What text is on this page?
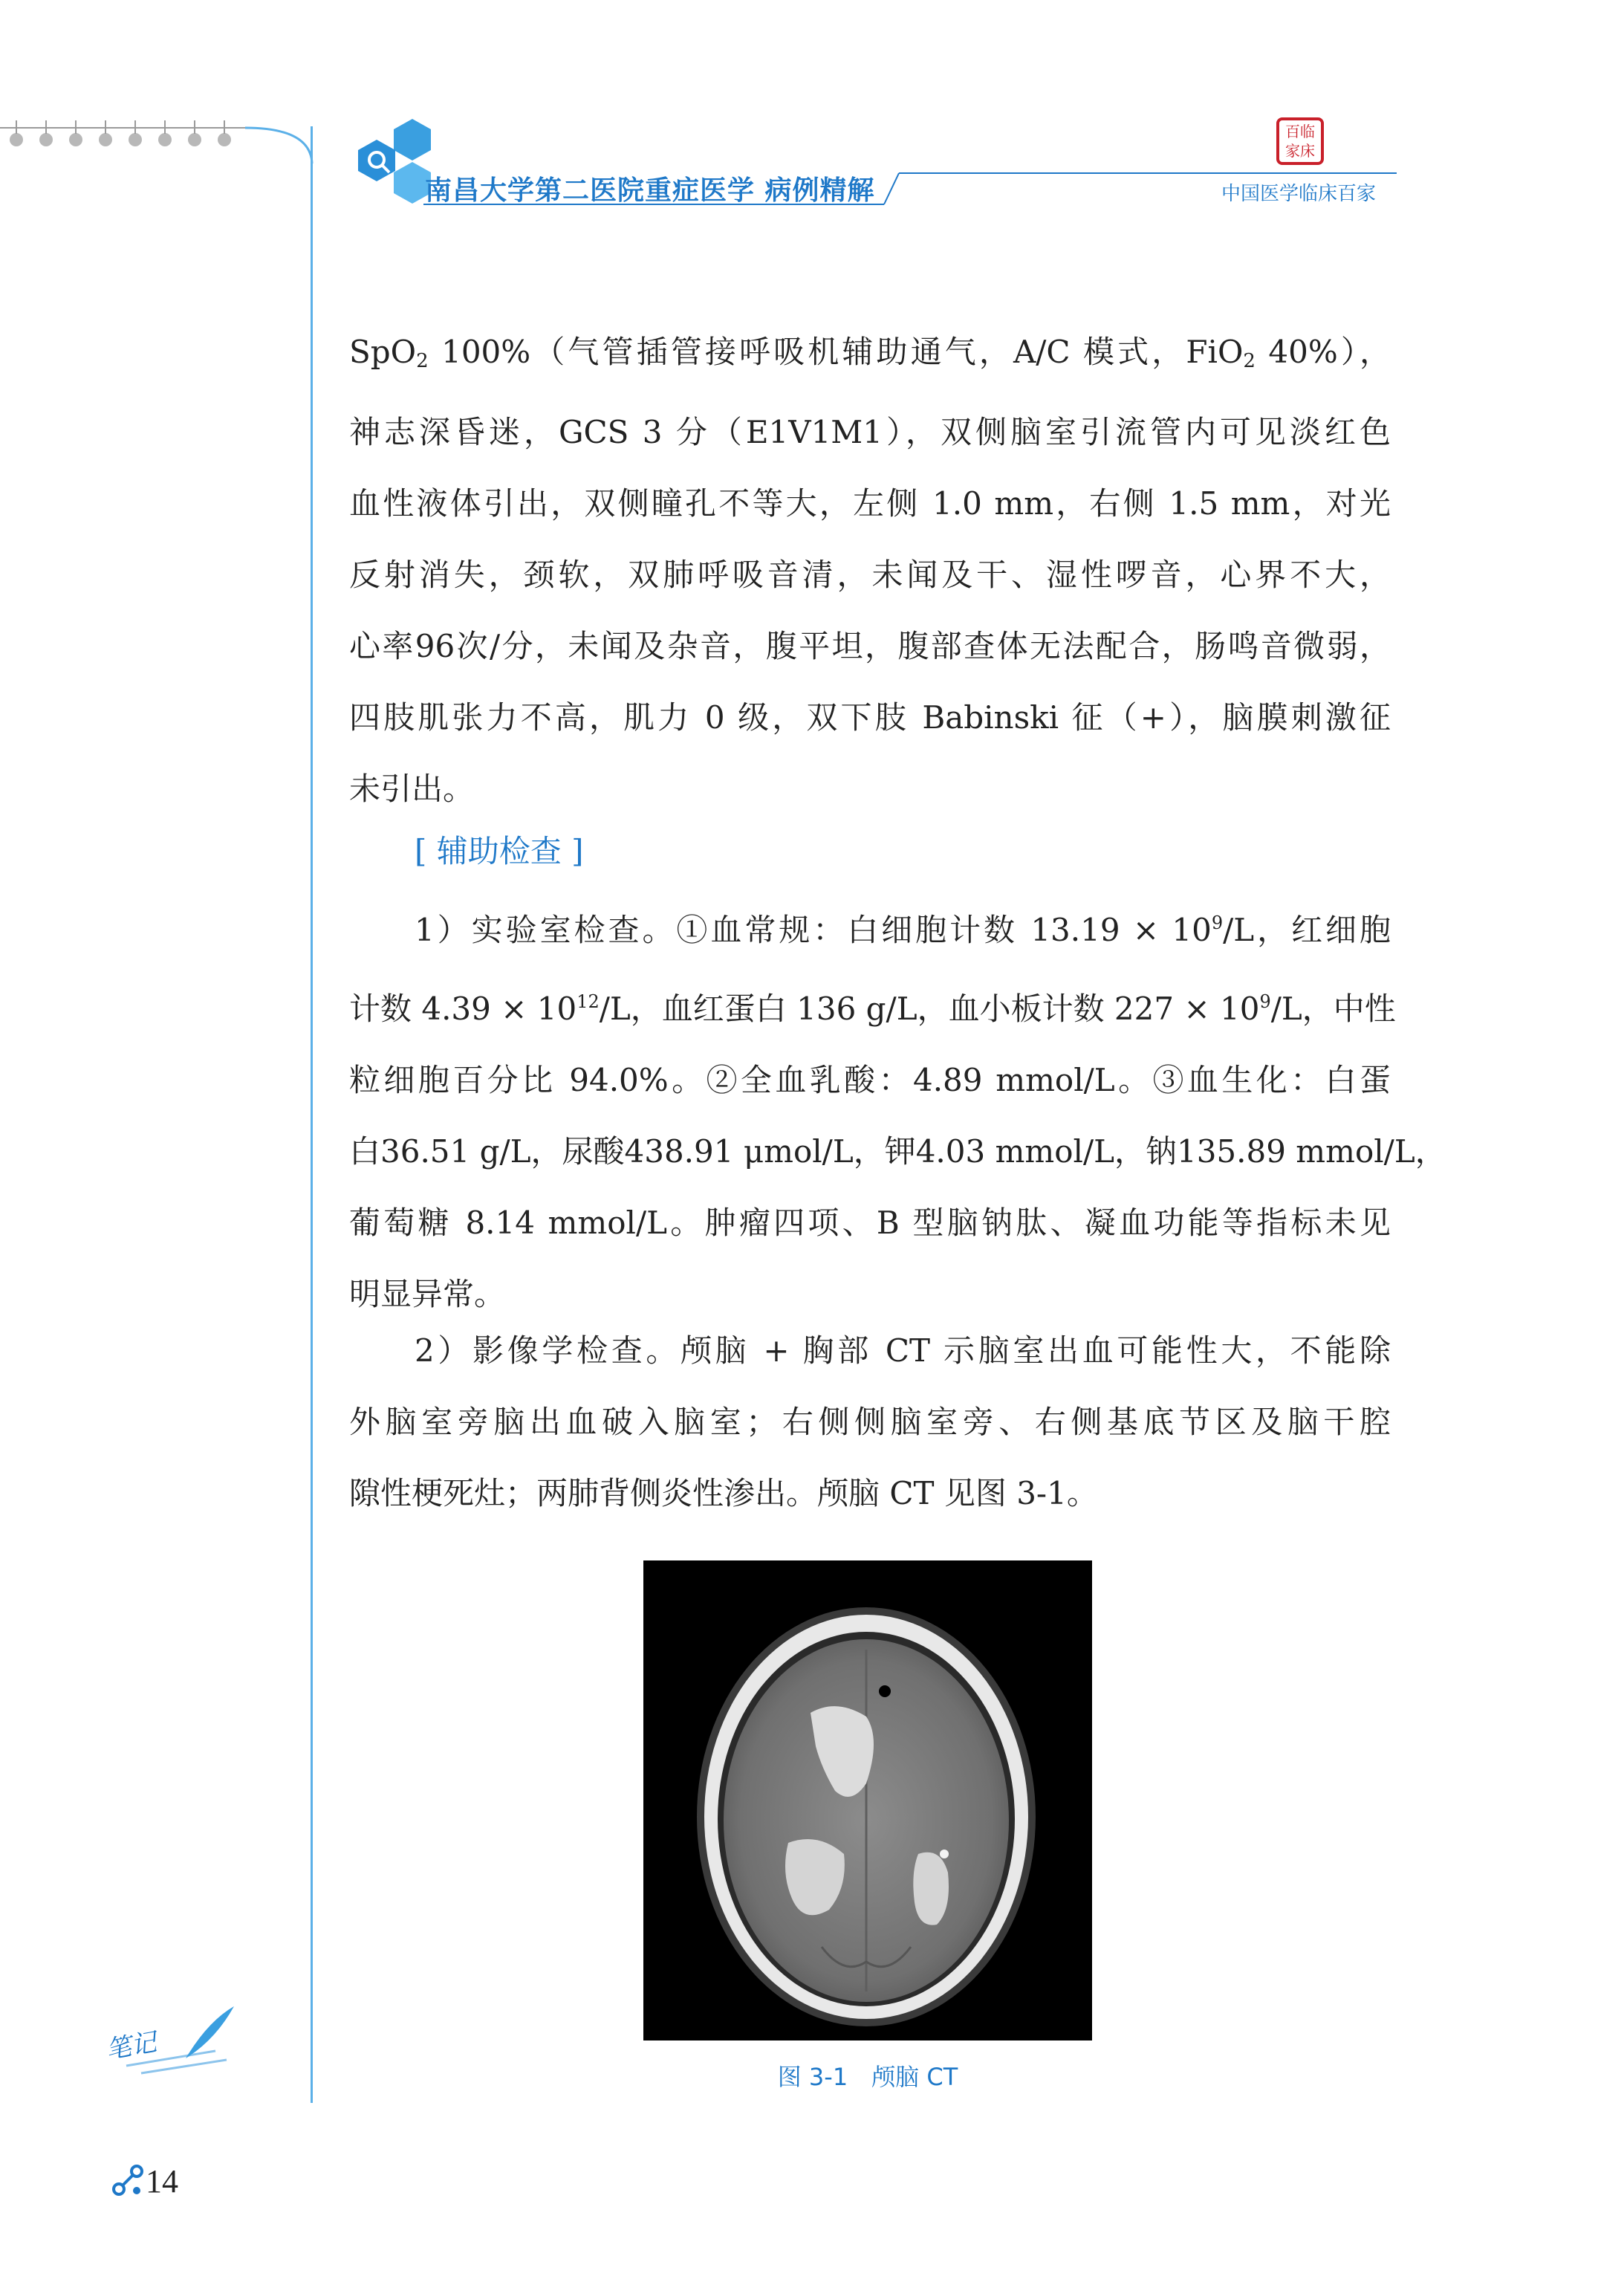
南昌大学第二医院重症医学 病例精解
百临
家床
中国医学临床百家
SpO$_2$ 100%（气管插管接呼吸机辅助通气，A/C 模式，FiO$_2$ 40%），
神志深昏迷，GCS 3 分（E1V1M1），双侧脑室引流管内可见淡红色
血性液体引出，双侧瞳孔不等大，左侧 1.0 mm，右侧 1.5 mm，对光
反射消失，颈软，双肺呼吸音清，未闻及干、湿性啰音，心界不大，
心率96次/分，未闻及杂音，腹平坦，腹部查体无法配合，肠鸣音微弱，
四肢肌张力不高，肌力 0 级，双下肢 Babinski 征（+），脑膜刺激征
未引出。
[ 辅助检查 ]
1）实验室检查。①血常规：白细胞计数 $13.19 \times 10^9/L$，红细胞
计数 $4.39 \times 10^{12}/L$，血红蛋白 136 g/L，血小板计数 $227 \times 10^9/L$，中性
粒细胞百分比 94.0%。②全血乳酸：4.89 mmol/L。③血生化：白蛋
白36.51 g/L，尿酸438.91 μmol/L，钾4.03 mmol/L，钠135.89 mmol/L，
葡萄糖 8.14 mmol/L。肿瘤四项、B 型脑钠肽、凝血功能等指标未见
明显异常。
2）影像学检查。颅脑 + 胸部 CT 示脑室出血可能性大，不能除
外脑室旁脑出血破入脑室；右侧侧脑室旁、右侧基底节区及脑干腔
隙性梗死灶；两肺背侧炎性渗出。颅脑 CT 见图 3-1。
图 3-1　颅脑 CT
笔记
14
